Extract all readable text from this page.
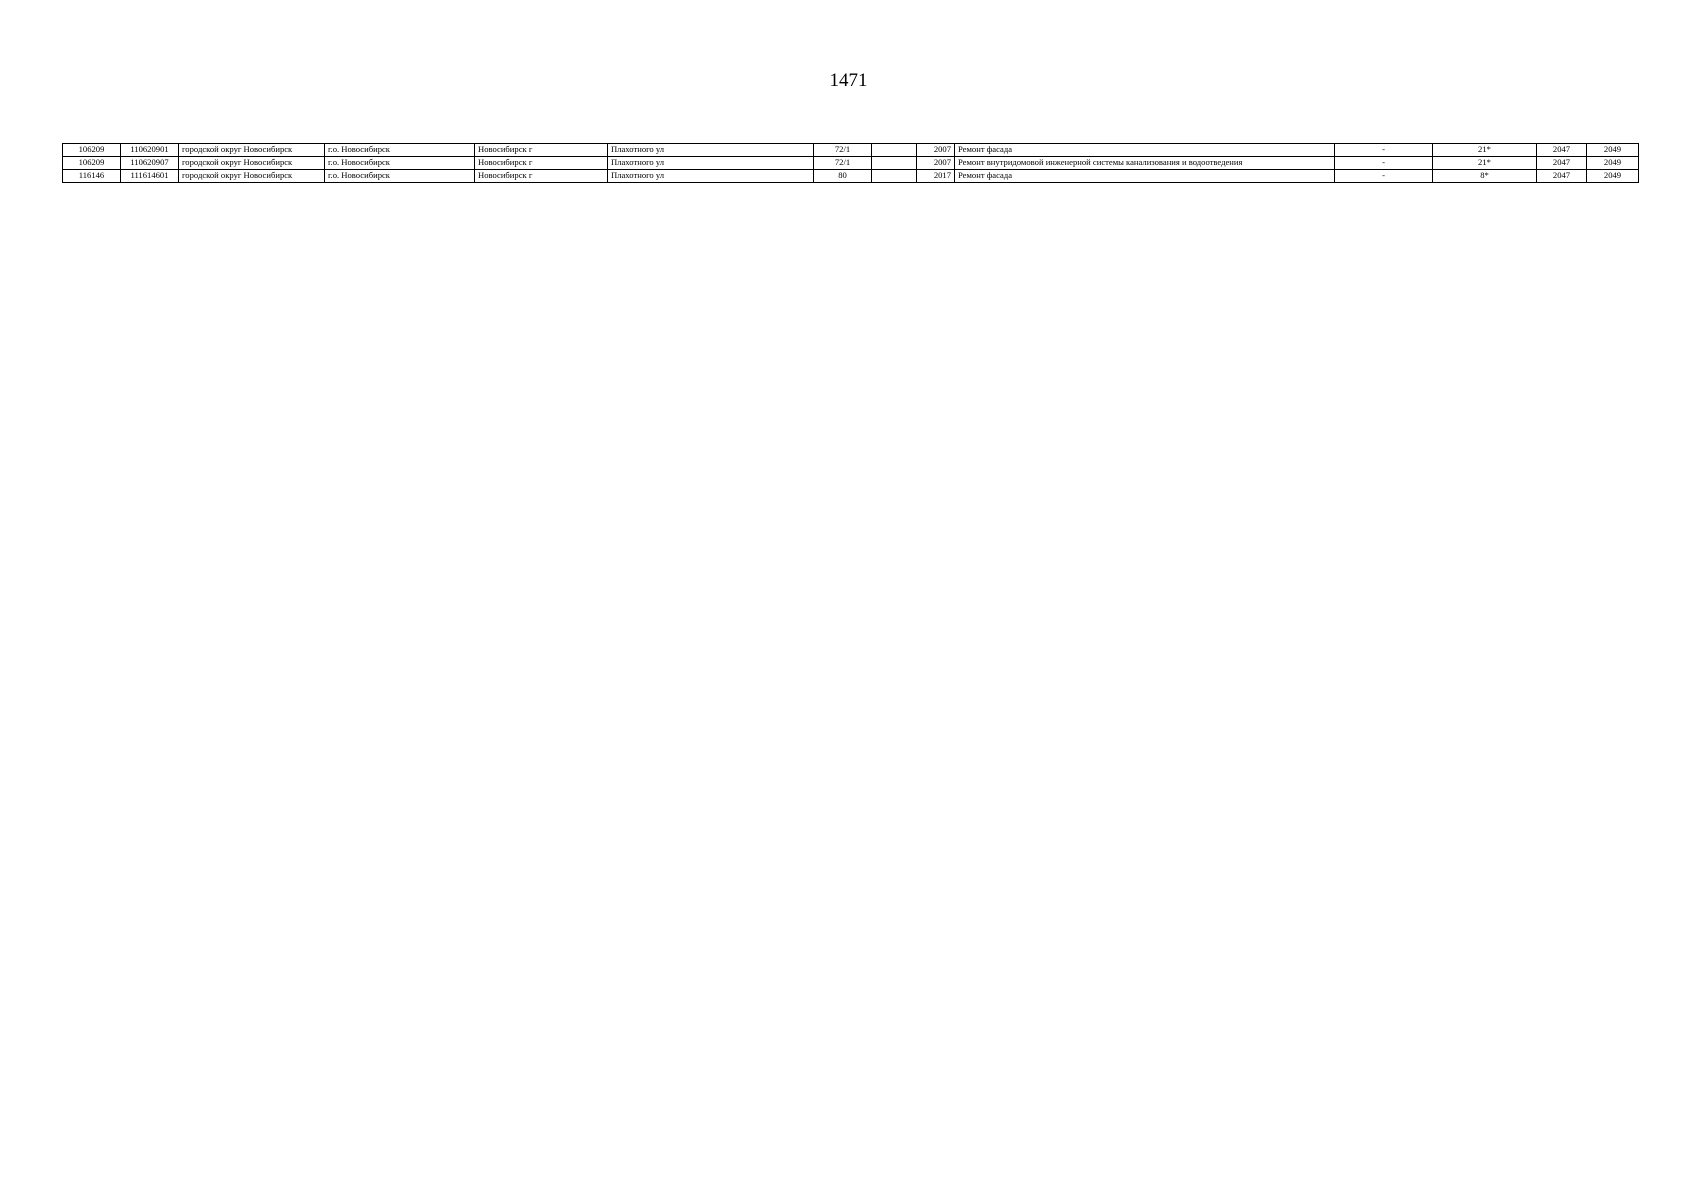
1471
106209	110620901	городской округ Новосибирск	г.о. Новосибирск	Новосибирск г	Плахотного ул	72/1		2007	Ремонт фасада	-	21*	2047	2049
106209	110620907	городской округ Новосибирск	г.о. Новосибирск	Новосибирск г	Плахотного ул	72/1		2007	Ремонт внутридомовой инженерной системы канализования и водоотведения	-	21*	2047	2049
116146	111614601	городской округ Новосибирск	г.о. Новосибирск	Новосибирск г	Плахотного ул	80		2017	Ремонт фасада	-	8*	2047	2049
